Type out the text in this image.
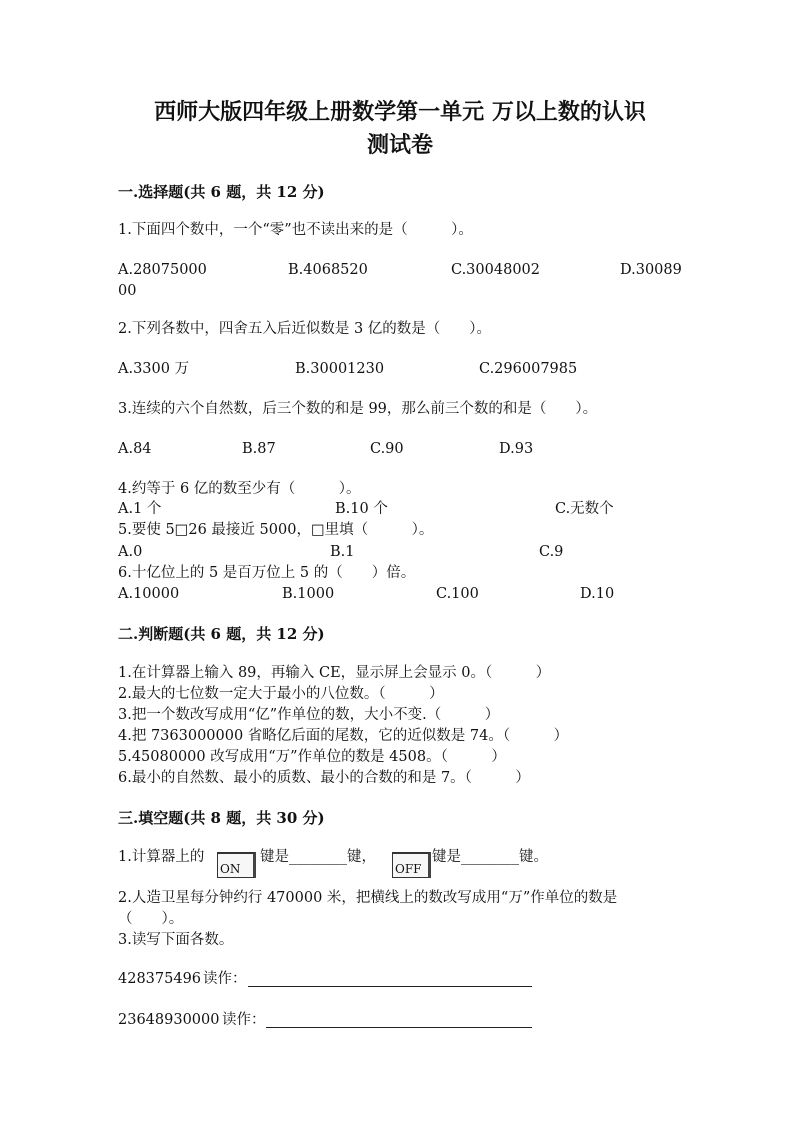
西师大版四年级上册数学第一单元 万以上数的认识
测试卷
一.选择题(共 6 题，共 12 分)
1.下面四个数中，一个“零”也不读出来的是（　　　）。
A.28075000	B.4068520	C.30048002	D.30089
00
2.下列各数中，四舍五入后近似数是 3 亿的数是（　　）。
A.3300 万	B.30001230	C.296007985
3.连续的六个自然数，后三个数的和是 99，那么前三个数的和是（　　）。
A.84	B.87	C.90	D.93
4.约等于 6 亿的数至少有（　　　）。
A.1 个	B.10 个	C.无数个
5.要使 5□26 最接近 5000，□里填（　　　）。
A.0	B.1	C.9
6.十亿位上的 5 是百万位上 5 的（　　）倍。
A.10000	B.1000	C.100	D.10
二.判断题(共 6 题，共 12 分)
1.在计算器上输入 89，再输入 CE，显示屏上会显示 0。（　　　）
2.最大的七位数一定大于最小的八位数。（　　　）
3.把一个数改写成用“亿”作单位的数，大小不变.（　　　）
4.把 7363000000 省略亿后面的尾数，它的近似数是 74。（　　　）
5.45080000 改写成用“万”作单位的数是 4508。（　　　）
6.最小的自然数、最小的质数、最小的合数的和是 7。（　　　）
三.填空题(共 8 题，共 30 分)
1.计算器上的
ON
键是________键，
OFF
键是________键。
2.人造卫星每分钟约行 470000 米，把横线上的数改写成用“万”作单位的数是
（　　）。
3.读写下面各数。
428375496 读作：
23648930000 读作：
